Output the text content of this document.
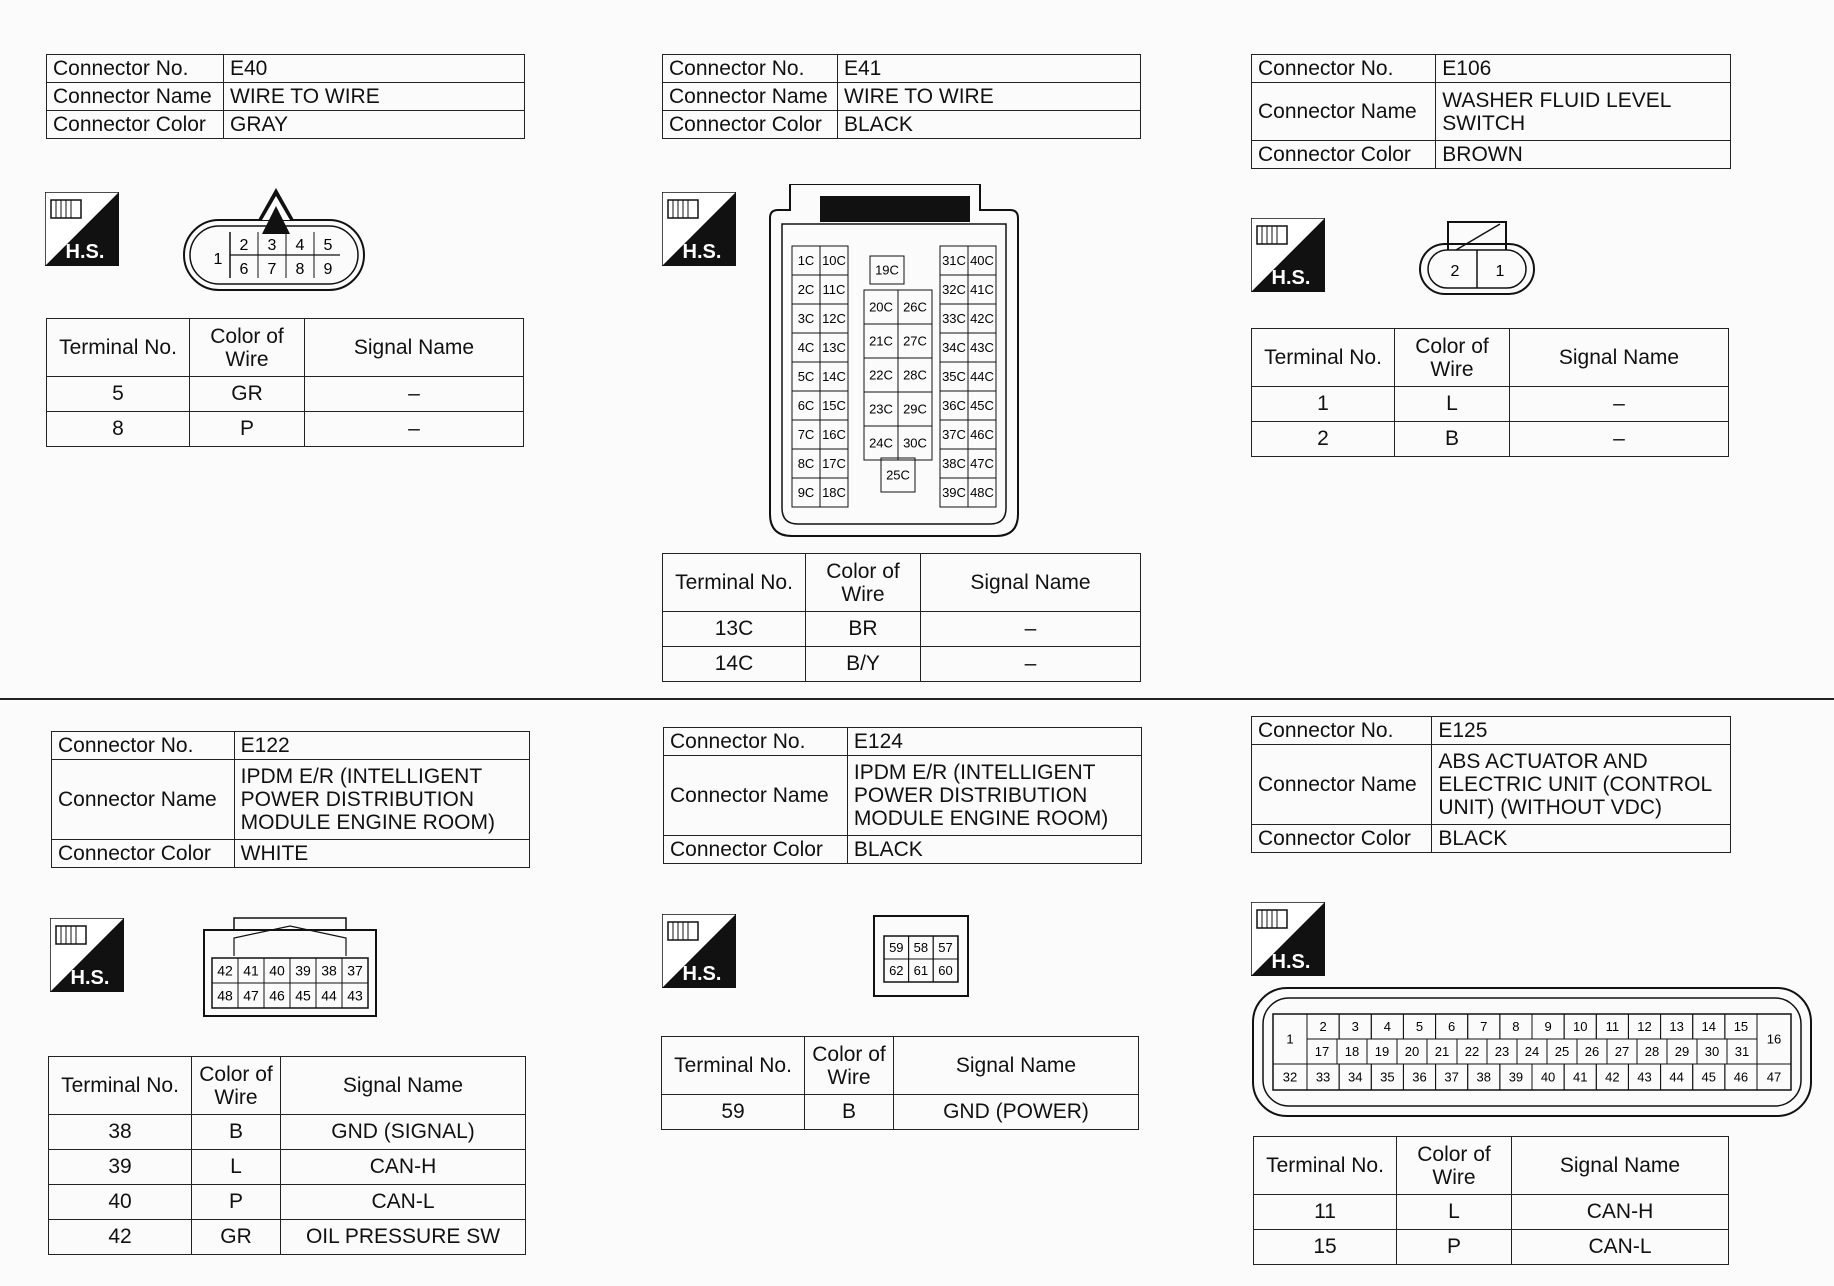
Connector No.	E40
Connector Name	WIRE TO WIRE
Connector Color	GRAY
H.S.	1
2 3 4 5
6 7 8 9
Terminal No.	Color of Wire	Signal Name
5	GR	–
8	P	–
Connector No.	E41
Connector Name	WIRE TO WIRE
Connector Color	BLACK
H.S.	1C
2C
3C
4C
5C
6C
7C
8C
9C
10C
11C
12C
13C
14C
15C
16C
17C
18C
31C
32C
33C
34C
35C
36C
37C
38C
39C
40C
41C
42C
43C
44C
45C
46C
47C
48C
19C
20C
21C
22C
23C
24C
25C
26C
27C
28C
29C
30C
Terminal No.	Color of Wire	Signal Name
13C	BR	–
14C	B/Y	–
Connector No.	E106
Connector Name	WASHER FLUID LEVEL SWITCH
Connector Color	BROWN
H.S.	2 1
Terminal No.	Color of Wire	Signal Name
1	L	–
2	B	–
Connector No.	E122
Connector Name	IPDM E/R (INTELLIGENT POWER DISTRIBUTION MODULE ENGINE ROOM)
Connector Color	WHITE
H.S.	42 41 40 39 38 37
48 47 46 45 44 43
Terminal No.	Color of Wire	Signal Name
38	B	GND (SIGNAL)
39	L	CAN-H
40	P	CAN-L
42	GR	OIL PRESSURE SW
Connector No.	E124
Connector Name	IPDM E/R (INTELLIGENT POWER DISTRIBUTION MODULE ENGINE ROOM)
Connector Color	BLACK
H.S.
59 58 57
62 61 60
Terminal No.	Color of Wire	Signal Name
59	B	GND (POWER)
Connector No.	E125
Connector Name	ABS ACTUATOR AND ELECTRIC UNIT (CONTROL UNIT) (WITHOUT VDC)
Connector Color	BLACK
H.S.
1
32
16
47
2 3 4 5 6 7 8 9 10 11 12 13 14 15
17 18 19 20 21 22 23 24 25 26 27 28 29 30 31
33 34 35 36 37 38 39 40 41 42 43 44 45 46
Terminal No.	Color of Wire	Signal Name
11	L	CAN-H
15	P	CAN-L
